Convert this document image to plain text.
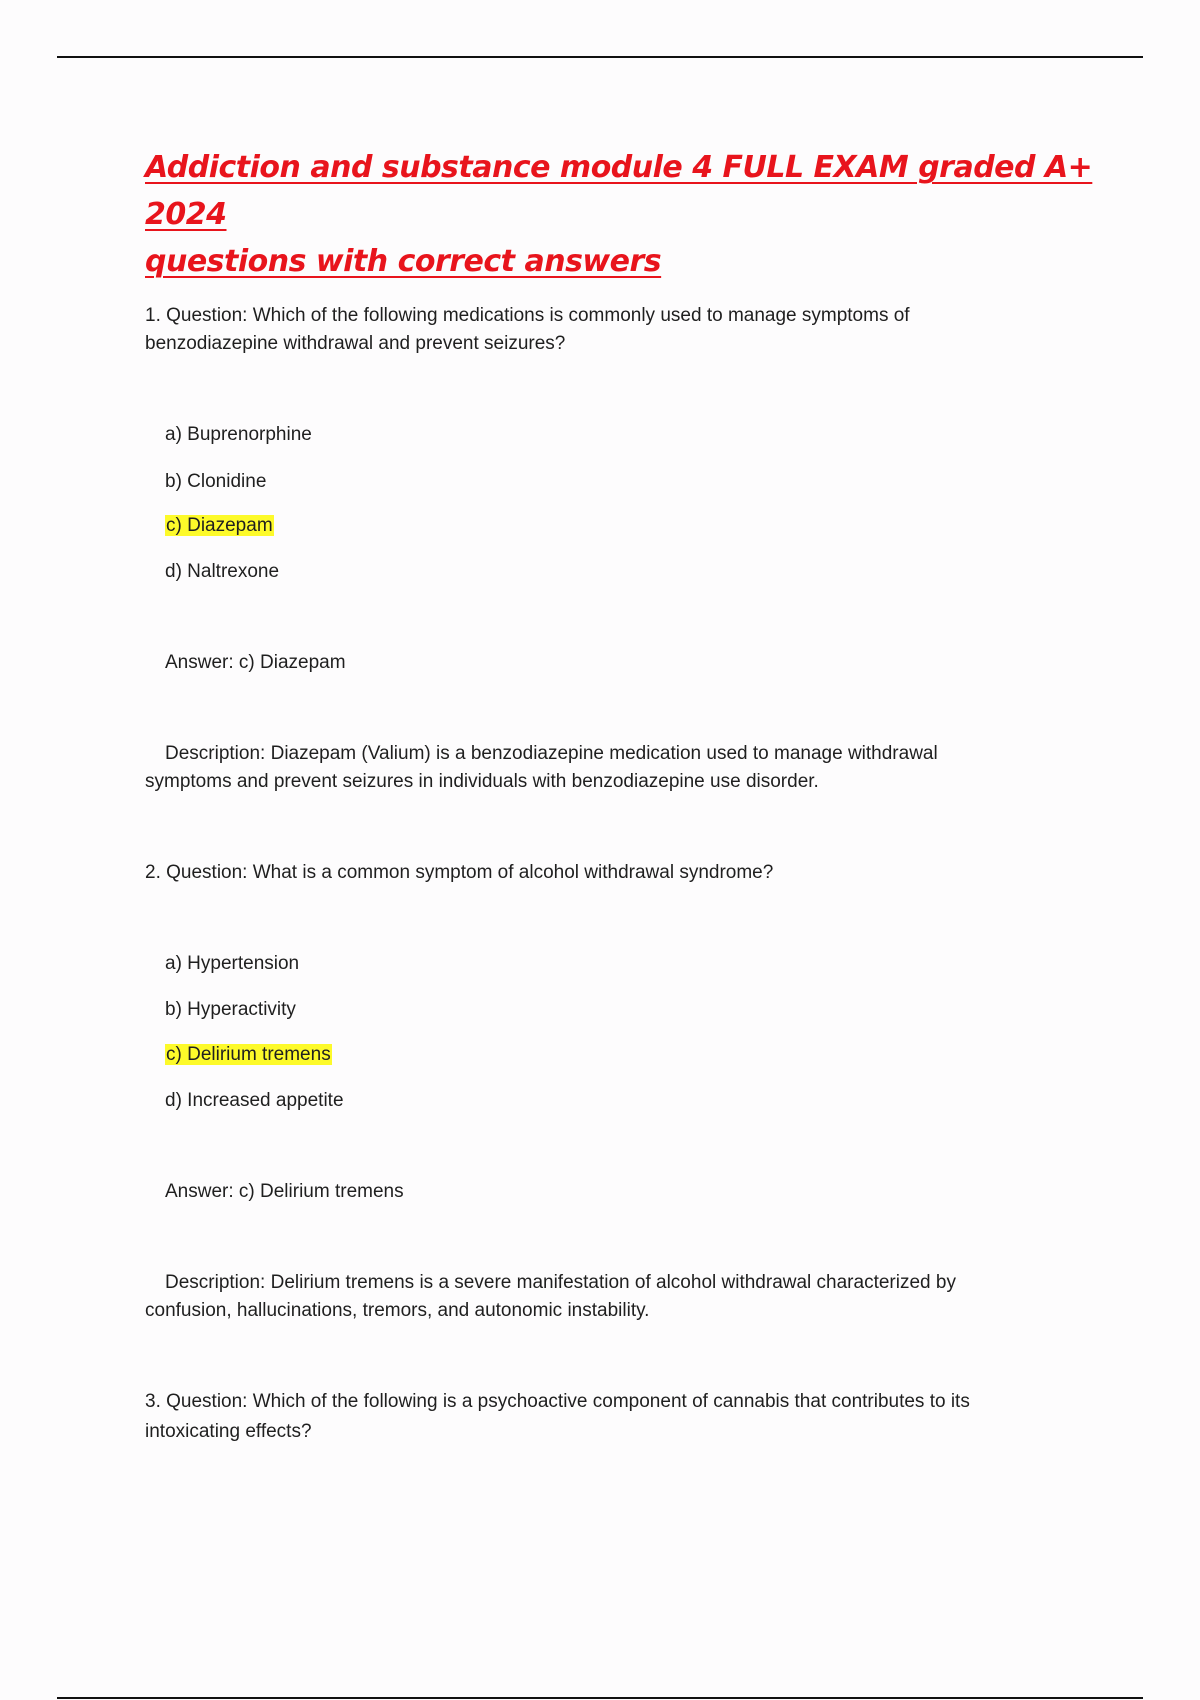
Addiction and substance module 4 FULL EXAM graded A+ 2024
questions with correct answers

1. Question: Which of the following medications is commonly used to manage symptoms of

benzodiazepine withdrawal and prevent seizures?

a) Buprenorphine

b) Clonidine

c) Diazepam

d) Naltrexone

Answer: c) Diazepam

Description: Diazepam (Valium) is a benzodiazepine medication used to manage withdrawal

symptoms and prevent seizures in individuals with benzodiazepine use disorder.

2. Question: What is a common symptom of alcohol withdrawal syndrome?

a) Hypertension

b) Hyperactivity

c) Delirium tremens

d) Increased appetite

Answer: c) Delirium tremens

Description: Delirium tremens is a severe manifestation of alcohol withdrawal characterized by

confusion, hallucinations, tremors, and autonomic instability.

3. Question: Which of the following is a psychoactive component of cannabis that contributes to its

intoxicating effects?
